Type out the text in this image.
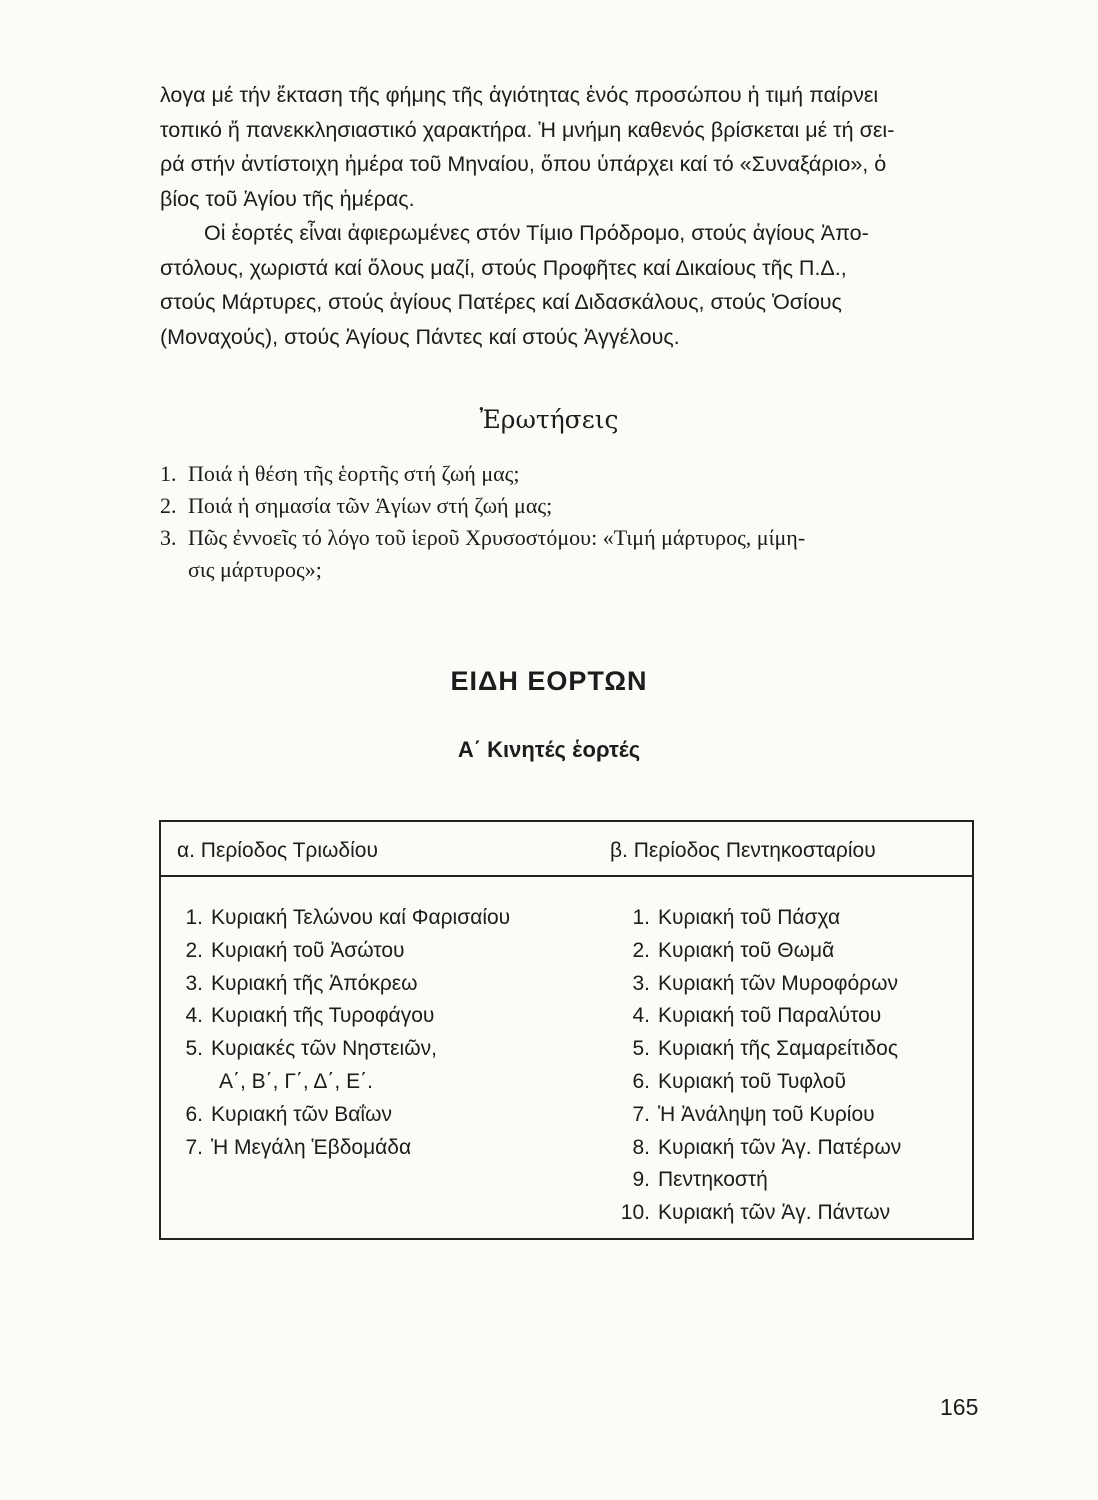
λογα μέ τήν ἔκταση τῆς φήμης τῆς ἁγιότητας ἑνός προσώπου ἡ τιμή παίρνει
τοπικό ἤ πανεκκλησιαστικό χαρακτήρα. Ἡ μνήμη καθενός βρίσκεται μέ τή σει-
ρά στήν ἀντίστοιχη ἡμέρα τοῦ Μηναίου, ὅπου ὑπάρχει καί τό «Συναξάριο», ὁ
βίος τοῦ Ἁγίου τῆς ἡμέρας.
Οἱ ἑορτές εἶναι ἀφιερωμένες στόν Τίμιο Πρόδρομο, στούς ἁγίους Ἀπο-
στόλους, χωριστά καί ὅλους μαζί, στούς Προφῆτες καί Δικαίους τῆς Π.Δ.,
στούς Μάρτυρες, στούς ἁγίους Πατέρες καί Διδασκάλους, στούς Ὁσίους
(Μοναχούς), στούς Ἁγίους Πάντες καί στούς Ἀγγέλους.
Ἐρωτήσεις
1. Ποιά ἡ θέση τῆς ἑορτῆς στή ζωή μας;
2. Ποιά ἡ σημασία τῶν Ἁγίων στή ζωή μας;
3. Πῶς ἐννοεῖς τό λόγο τοῦ ἱεροῦ Χρυσοστόμου: «Τιμή μάρτυρος, μίμη-
σις μάρτυρος»;
ΕΙΔΗ ΕΟΡΤΩΝ
Α΄ Κινητές ἑορτές
α. Περίοδος Τριωδίου	β. Περίοδος Πεντηκοσταρίου
1. Κυριακή Τελώνου καί Φαρισαίου
2. Κυριακή τοῦ Ἀσώτου
3. Κυριακή τῆς Ἀπόκρεω
4. Κυριακή τῆς Τυροφάγου
5. Κυριακές τῶν Νηστειῶν,
Α΄, Β΄, Γ΄, Δ΄, Ε΄.
6. Κυριακή τῶν Βαΐων
7. Ἡ Μεγάλη Ἑβδομάδα
1. Κυριακή τοῦ Πάσχα
2. Κυριακή τοῦ Θωμᾶ
3. Κυριακή τῶν Μυροφόρων
4. Κυριακή τοῦ Παραλύτου
5. Κυριακή τῆς Σαμαρείτιδος
6. Κυριακή τοῦ Τυφλοῦ
7. Ἡ Ἀνάληψη τοῦ Κυρίου
8. Κυριακή τῶν Ἁγ. Πατέρων
9. Πεντηκοστή
10. Κυριακή τῶν Ἁγ. Πάντων
165
